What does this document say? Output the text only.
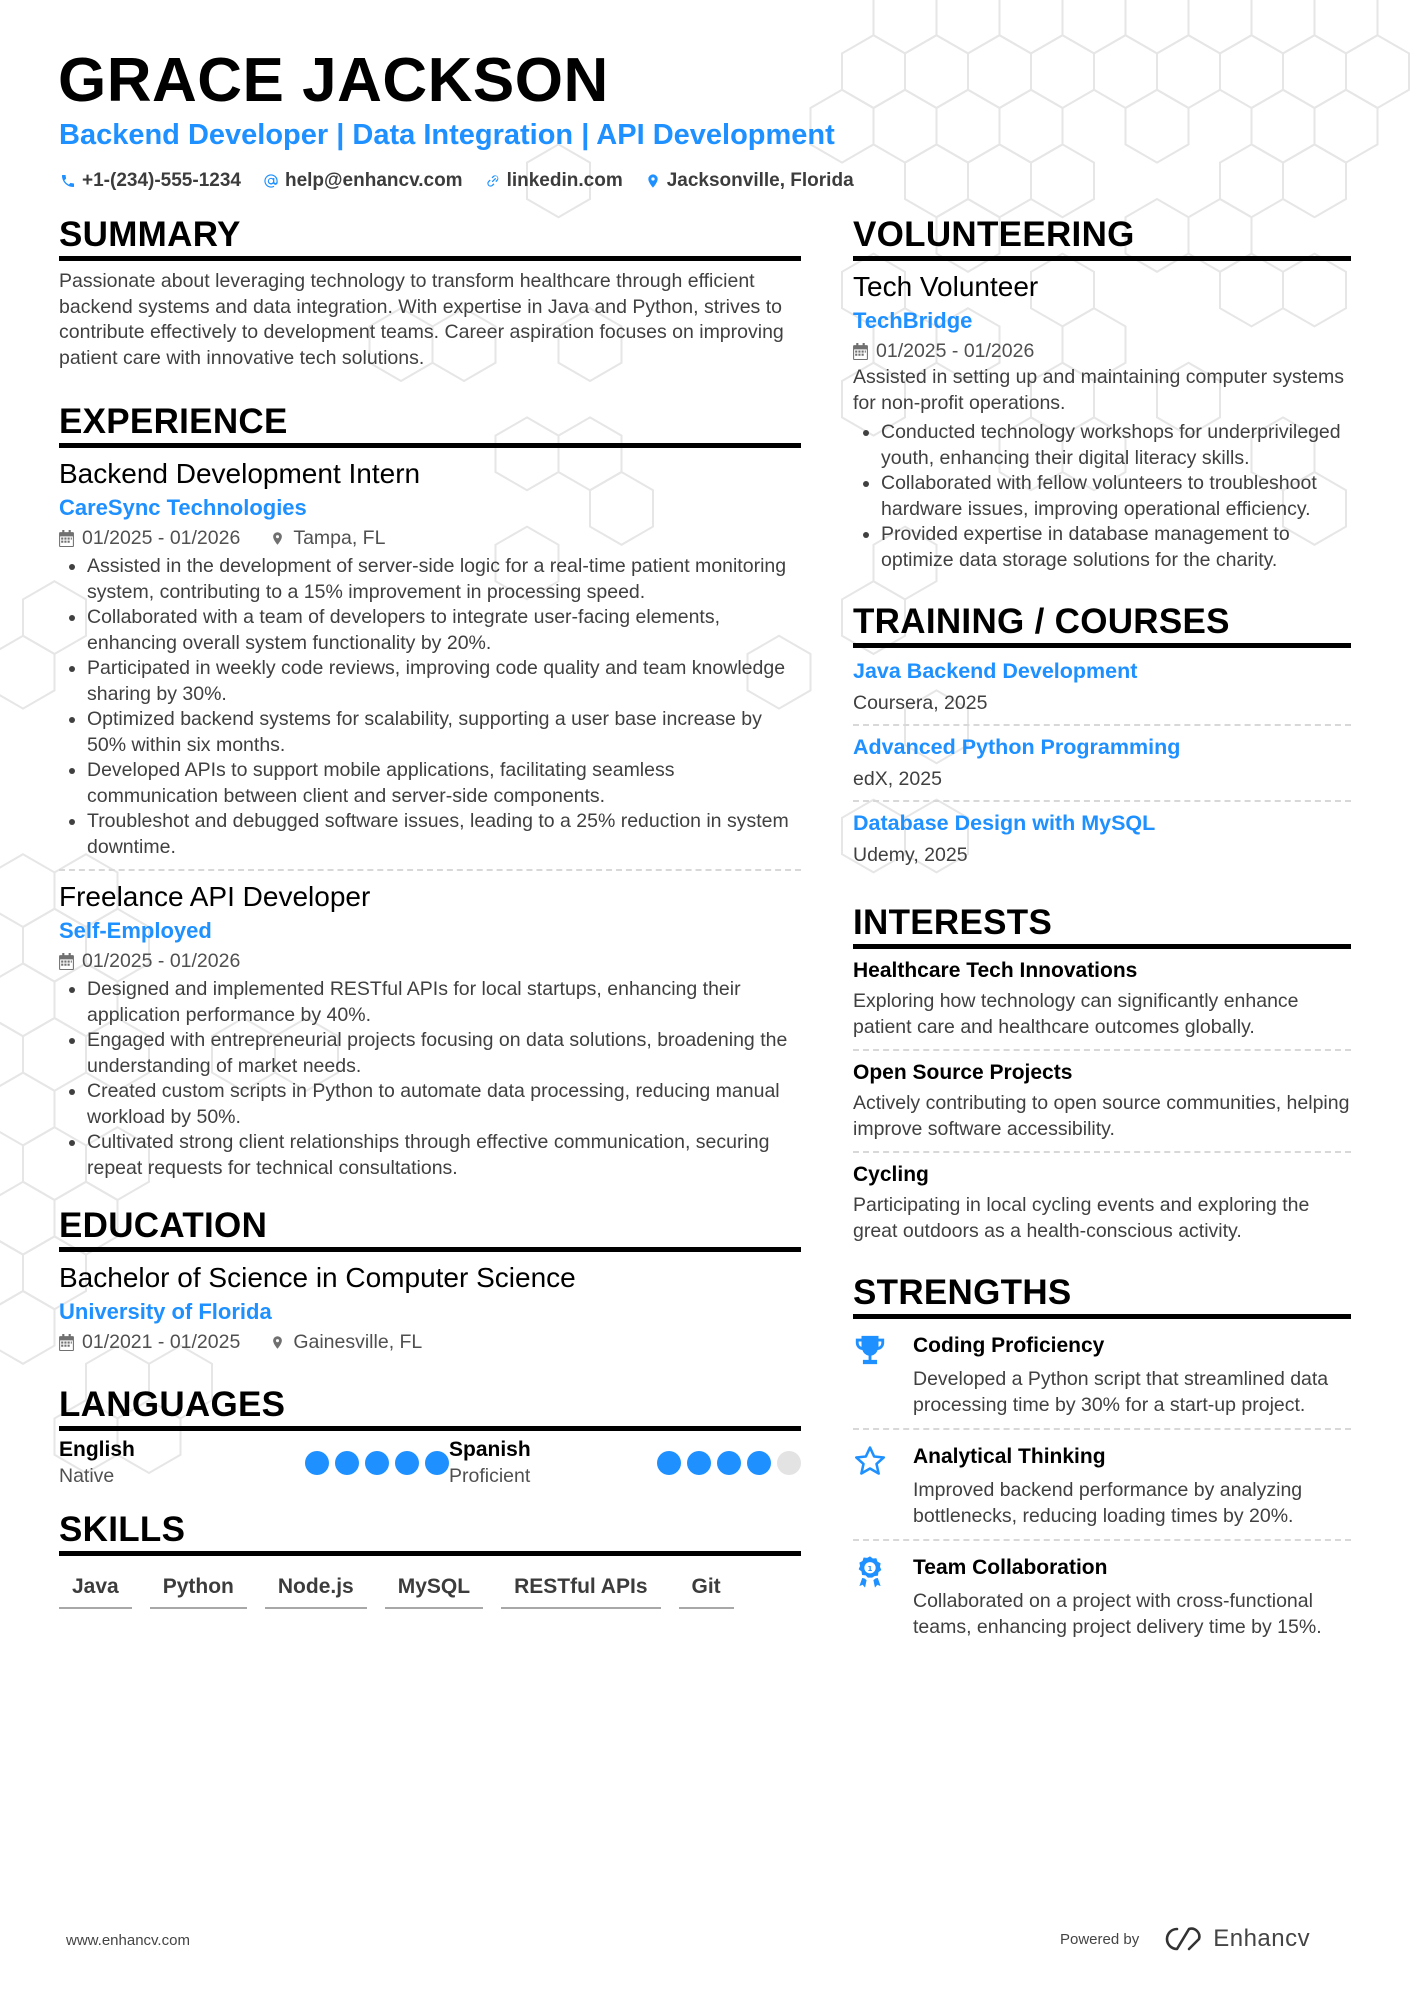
GRACE JACKSON
Backend Developer | Data Integration | API Development
+1-(234)-555-1234 help@enhancv.com linkedin.com Jacksonville, Florida
SUMMARY
Passionate about leveraging technology to transform healthcare through efficient backend systems and data integration. With expertise in Java and Python, strives to contribute effectively to development teams. Career aspiration focuses on improving patient care with innovative tech solutions.
EXPERIENCE
Backend Development Intern
CareSync Technologies
01/2025 - 01/2026	Tampa, FL
• Assisted in the development of server-side logic for a real-time patient monitoring system, contributing to a 15% improvement in processing speed.
• Collaborated with a team of developers to integrate user-facing elements, enhancing overall system functionality by 20%.
• Participated in weekly code reviews, improving code quality and team knowledge sharing by 30%.
• Optimized backend systems for scalability, supporting a user base increase by 50% within six months.
• Developed APIs to support mobile applications, facilitating seamless communication between client and server-side components.
• Troubleshot and debugged software issues, leading to a 25% reduction in system downtime.
Freelance API Developer
Self-Employed
01/2025 - 01/2026
• Designed and implemented RESTful APIs for local startups, enhancing their application performance by 40%.
• Engaged with entrepreneurial projects focusing on data solutions, broadening the understanding of market needs.
• Created custom scripts in Python to automate data processing, reducing manual workload by 50%.
• Cultivated strong client relationships through effective communication, securing repeat requests for technical consultations.
EDUCATION
Bachelor of Science in Computer Science
University of Florida
01/2021 - 01/2025	Gainesville, FL
LANGUAGES
English
Native
Spanish
Proficient
SKILLS
Java	Python	Node.js	MySQL	RESTful APIs	Git
VOLUNTEERING
Tech Volunteer
TechBridge
01/2025 - 01/2026
Assisted in setting up and maintaining computer systems for non-profit operations.
• Conducted technology workshops for underprivileged youth, enhancing their digital literacy skills.
• Collaborated with fellow volunteers to troubleshoot hardware issues, improving operational efficiency.
• Provided expertise in database management to optimize data storage solutions for the charity.
TRAINING / COURSES
Java Backend Development
Coursera, 2025
Advanced Python Programming
edX, 2025
Database Design with MySQL
Udemy, 2025
INTERESTS
Healthcare Tech Innovations
Exploring how technology can significantly enhance patient care and healthcare outcomes globally.
Open Source Projects
Actively contributing to open source communities, helping improve software accessibility.
Cycling
Participating in local cycling events and exploring the great outdoors as a health-conscious activity.
STRENGTHS
Coding Proficiency
Developed a Python script that streamlined data processing time by 30% for a start-up project.
Analytical Thinking
Improved backend performance by analyzing bottlenecks, reducing loading times by 20%.
1 Team Collaboration
Collaborated on a project with cross-functional teams, enhancing project delivery time by 15%.
www.enhancv.com	Powered by	Enhancv
